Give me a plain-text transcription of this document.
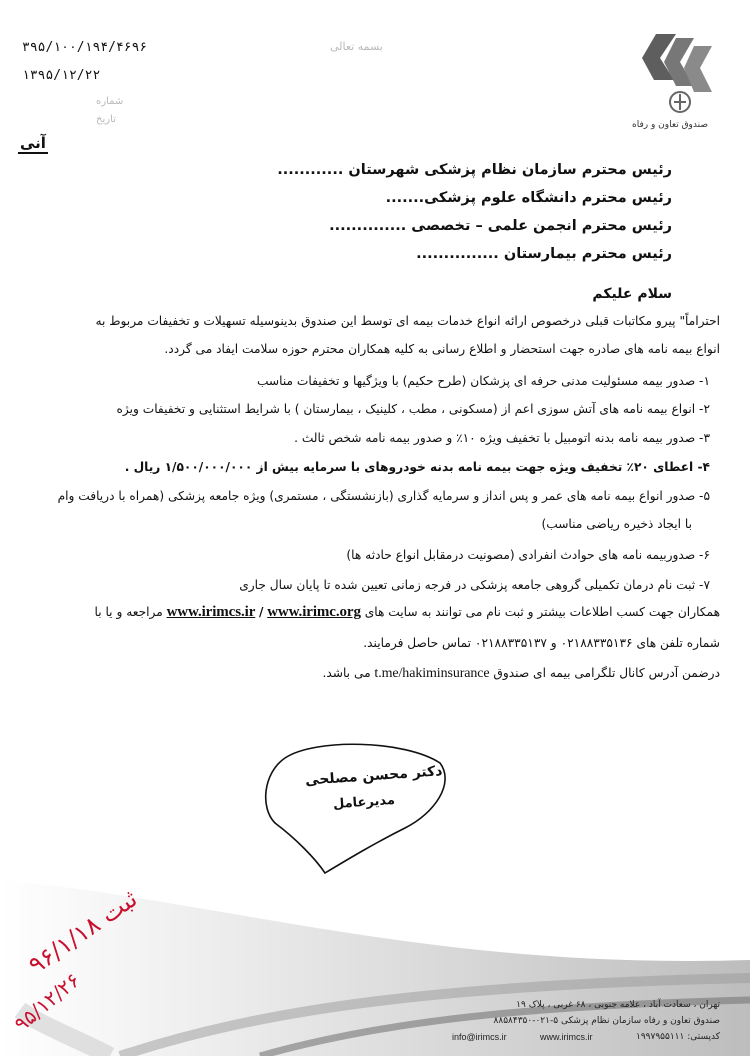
صندوق تعاون و رفاه
بسمه تعالی
۳۹۵/۱۰۰/۱۹۴/۴۶۹۶
۱۳۹۵/۱۲/۲۲
شماره
تاریخ
آنی
رئیس محترم سازمان نظام پزشکی شهرستان ............
رئیس محترم دانشگاه علوم پزشکی.......
رئیس محترم انجمن علمی – تخصصی ..............
رئیس محترم بیمارستان ...............
سلام علیکم
احتراماً" پیرو مکاتبات قبلی درخصوص ارائه انواع خدمات بیمه ای توسط این صندوق بدینوسیله تسهیلات و تخفیفات مربوط به
انواع بیمه نامه های صادره جهت استحضار و اطلاع رسانی به کلیه همکاران محترم حوزه سلامت ایفاد می گردد.
۱- صدور بیمه مسئولیت مدنی حرفه ای پزشکان (طرح حکیم) با ویژگیها و تخفیفات مناسب
۲- انواع بیمه نامه های آتش سوزی اعم از (مسکونی ، مطب ، کلینیک ، بیمارستان ) با شرایط استثنایی و تخفیفات ویژه
۳- صدور بیمه نامه بدنه اتومبیل با تخفیف ویژه ۱۰٪ و صدور بیمه نامه شخص ثالث .
۴- اعطای ۲۰٪ تخفیف ویژه جهت بیمه نامه بدنه خودروهای با سرمایه بیش از ۱/۵۰۰/۰۰۰/۰۰۰ ریال .
۵- صدور انواع بیمه نامه های عمر و پس انداز و سرمایه گذاری (بازنشستگی ، مستمری) ویژه جامعه پزشکی (همراه با دریافت وام
با ایجاد ذخیره ریاضی مناسب)
۶- صدوربیمه نامه های حوادث انفرادی (مصونیت درمقابل انواع حادثه ها)
۷- ثبت نام درمان تکمیلی گروهی جامعه پزشکی در فرجه زمانی تعیین شده تا پایان سال جاری
همکاران جهت کسب اطلاعات بیشتر و ثبت نام می توانند به سایت های www.irimcs.ir / www.irimc.org مراجعه و یا با
شماره تلفن های ۰۲۱۸۸۳۳۵۱۳۶ و ۰۲۱۸۸۳۳۵۱۳۷ تماس حاصل فرمایند.
درضمن آدرس کانال تلگرامی بیمه ای صندوق t.me/hakiminsurance می باشد.
دکتر محسن مصلحی
مدیرعامل
۹۶/۱/۱۸ ثبت
۹۵/۱۲/۲۶	تهران ، سعادت آباد ، علامه جنوبی ، ۶۸ غربی ، پلاک ۱۹
صندوق تعاون و رفاه سازمان نظام پزشکی ۵-۰۲۱-۸۸۵۸۴۳۵۰
کدپستی: ۱۹۹۷۹۵۵۱۱۱
www.irimcs.ir
info@irimcs.ir
